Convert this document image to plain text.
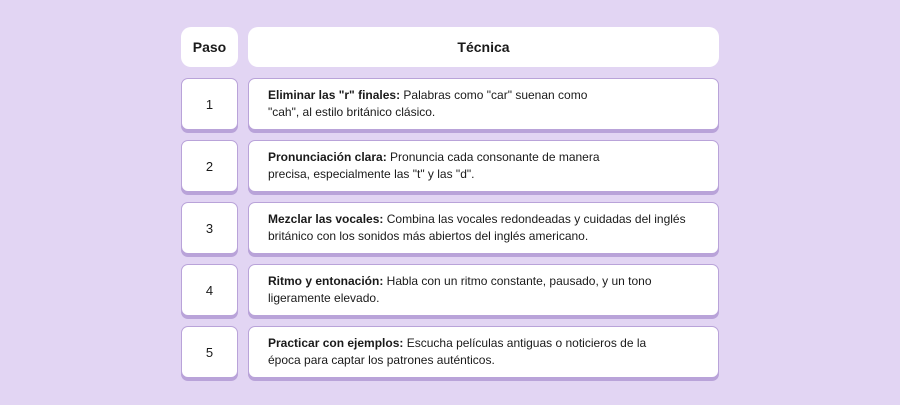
Paso	Técnica
1
Eliminar las "r" finales: Palabras como "car" suenan como "cah", al estilo británico clásico.
2
Pronunciación clara: Pronuncia cada consonante de manera precisa, especialmente las "t" y las "d".
3
Mezclar las vocales: Combina las vocales redondeadas y cuidadas del inglés británico con los sonidos más abiertos del inglés americano.
4
Ritmo y entonación: Habla con un ritmo constante, pausado, y un tono ligeramente elevado.
5
Practicar con ejemplos: Escucha películas antiguas o noticieros de la época para captar los patrones auténticos.
